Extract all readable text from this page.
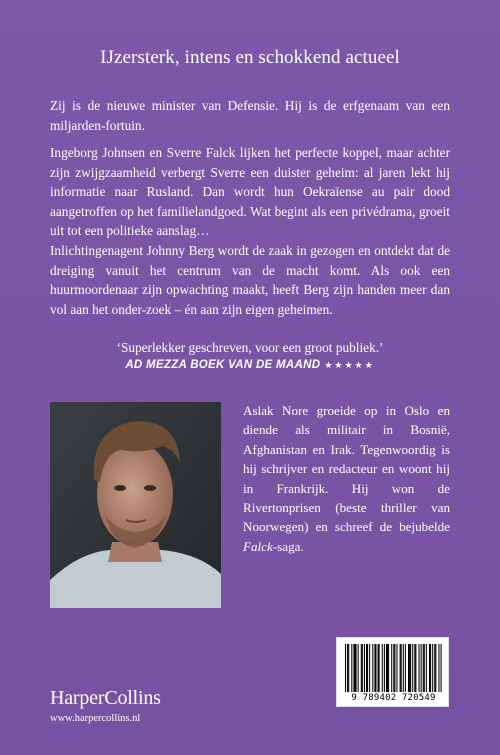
IJzersterk, intens en schokkend actueel

Zij is de nieuwe minister van Defensie. Hij is de erfgenaam van een miljarden-fortuin.

Ingeborg Johnsen en Sverre Falck lijken het perfecte koppel, maar achter zijn zwijgzaamheid verbergt Sverre een duister geheim: al jaren lekt hij informatie naar Rusland. Dan wordt hun Oekraïense au pair dood aangetroffen op het familielandgoed. Wat begint als een privédrama, groeit uit tot een politieke aanslag…

Inlichtingenagent Johnny Berg wordt de zaak in gezogen en ontdekt dat de dreiging vanuit het centrum van de macht komt. Als ook een huurmoordenaar zijn opwachting maakt, heeft Berg zijn handen meer dan vol aan het onder-zoek – én aan zijn eigen geheimen.

‘Superlekker geschreven, voor een groot publiek.’
AD MEZZA BOEK VAN DE MAAND ★★★★★

Aslak Nore groeide op in Oslo en diende als militair in Bosnië, Afghanistan en Irak. Tegenwoordig is hij schrijver en redacteur en woont hij in Frankrijk. Hij won de Rivertonprisen (beste thriller van Noorwegen) en schreef de bejubelde Falck-saga.

HarperCollins
www.harpercollins.nl
9 789402 720549
